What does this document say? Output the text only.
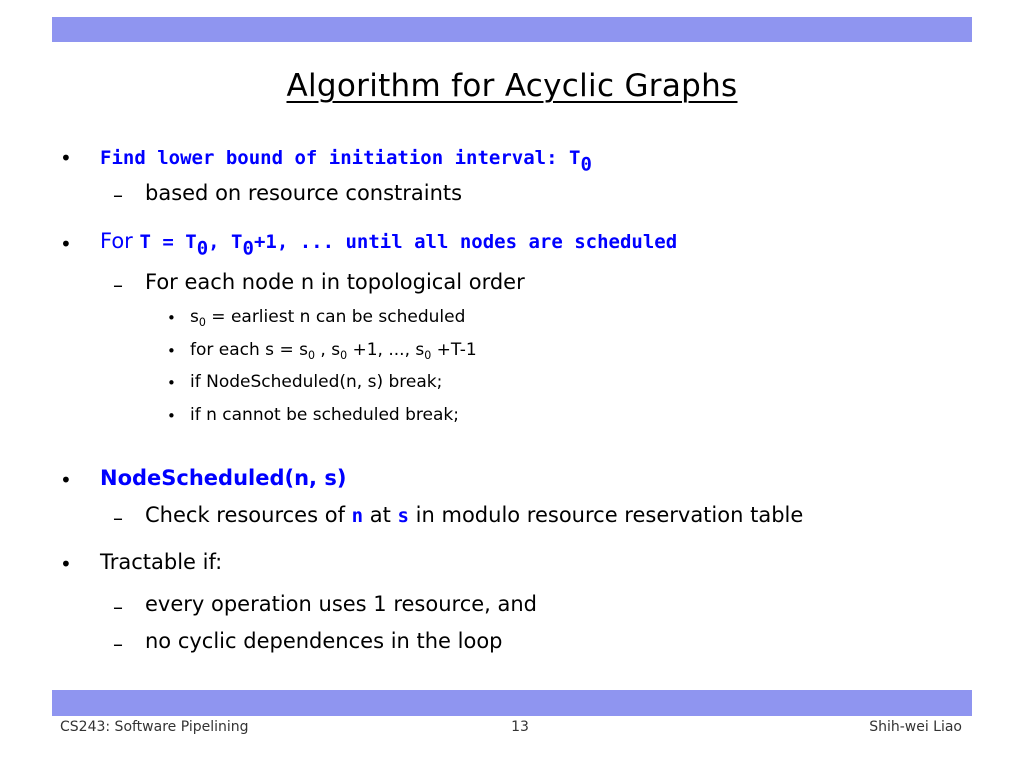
Algorithm for Acyclic Graphs
• Find lower bound of initiation interval: $T_0$
– based on resource constraints
• For $T = T_0$, $T_0+1$, ... until all nodes are scheduled
– For each node n in topological order
• $s_0$ = earliest n can be scheduled
• for each $s = s_0$ , $s_0 +1$, ..., $s_0 +T-1$
• if NodeScheduled(n, s) break;
• if n cannot be scheduled break;
• NodeScheduled(n, s)
– Check resources of n at s in modulo resource reservation table
• Tractable if:
– every operation uses 1 resource, and
– no cyclic dependences in the loop
CS243: Software Pipelining	13	Shih-wei Liao
